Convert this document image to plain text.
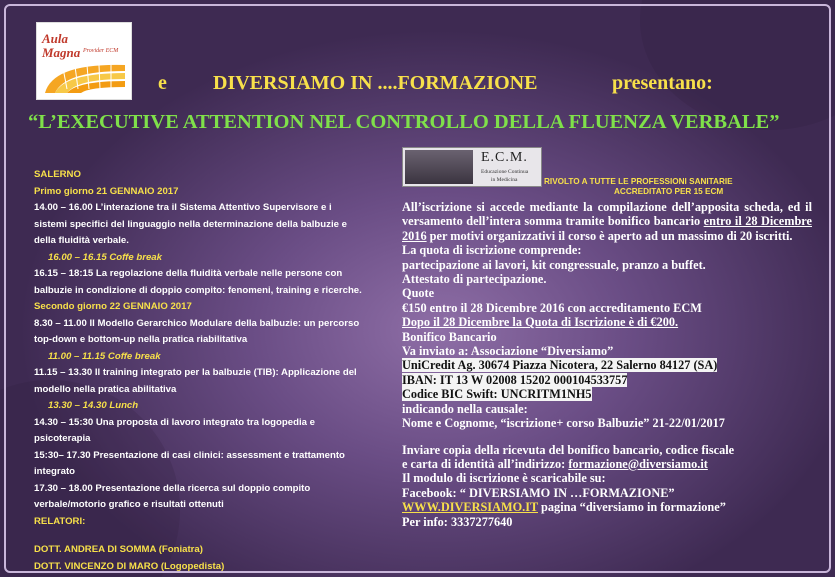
Aula
Magna Provider ECM
e DIVERSIAMO IN ....FORMAZIONE	presentano:
“L’EXECUTIVE ATTENTION NEL CONTROLLO DELLA FLUENZA VERBALE”

SALERNO

Primo giorno 21 GENNAIO 2017

14.00 – 16.00 L’interazione tra il Sistema Attentivo Supervisore e i sistemi specifici del linguaggio nella determinazione della balbuzie e della fluidità verbale.

16.00 – 16.15 Coffe break

16.15 – 18:15 La regolazione della fluidità verbale nelle persone con balbuzie in condizione di doppio compito: fenomeni, training e ricerche.

Secondo giorno 22 GENNAIO 2017

8.30 – 11.00 Il Modello Gerarchico Modulare della balbuzie: un percorso top-down e bottom-up nella pratica riabilitativa

11.00 – 11.15 Coffe break

11.15 – 13.30 Il training integrato per la balbuzie (TIB): Applicazione del modello nella pratica abilitativa

13.30 – 14.30 Lunch

14.30 – 15:30 Una proposta di lavoro integrato tra logopedia e psicoterapia

15:30– 17.30 Presentazione di casi clinici: assessment e trattamento integrato

17.30 – 18.00 Presentazione della ricerca sul doppio compito verbale/motorio grafico e risultati ottenuti

RELATORI:

DOTT. ANDREA DI SOMMA (Foniatra)

DOTT. VINCENZO DI MARO (Logopedista)

E.C.M.
Educazione Continua
in Medicina	RIVOLTO A TUTTE LE PROFESSIONI SANITARIE
ACCREDITATO PER 15 ECM

All’iscrizione si accede mediante la compilazione dell’apposita scheda, ed il versamento dell’intera somma tramite bonifico bancario entro il 28 Dicembre 2016 per motivi organizzativi il corso è aperto ad un massimo di 20 iscritti.

La quota di iscrizione comprende:

partecipazione ai lavori, kit congressuale, pranzo a buffet.

Attestato di partecipazione.

Quote

€150 entro il 28 Dicembre 2016 con accreditamento ECM

Dopo il 28 Dicembre la Quota di Iscrizione è di €200.

Bonifico Bancario

Va inviato a: Associazione “Diversiamo”

UniCredit Ag. 30674 Piazza Nicotera, 22 Salerno 84127 (SA)

IBAN: IT 13 W 02008 15202 000104533757

Codice BIC Swift: UNCRITM1NH5

indicando nella causale:

Nome e Cognome, “iscrizione+ corso Balbuzie” 21-22/01/2017

Inviare copia della ricevuta del bonifico bancario, codice fiscale

e carta di identità all’indirizzo: formazione@diversiamo.it

Il modulo di iscrizione è scaricabile su:

Facebook: “ DIVERSIAMO IN …FORMAZIONE”

WWW.DIVERSIAMO.IT pagina “diversiamo in formazione”

Per info: 3337277640
